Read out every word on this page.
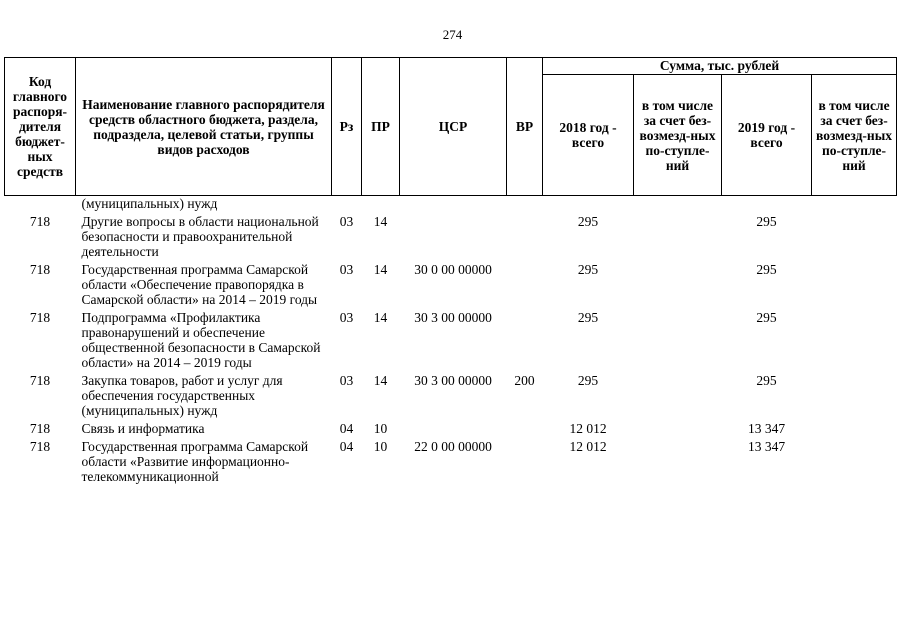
274
Код главного распоря-дителя бюджет-ных средств	Наименование главного распорядителя средств областного бюджета, раздела, подраздела, целевой статьи, группы видов расходов	Рз	ПР	ЦСР	ВР	Сумма, тыс. рублей			
						2018 год - всего	в том числе за счет без-возмезд-ных по-ступле-ний	2019 год - всего	в том числе за счет без-возмезд-ных по-ступле-ний
	(муниципальных) нужд								
718	Другие вопросы в области национальной безопасности и правоохранительной деятельности	03	14			295		295	
718	Государственная программа Самарской области «Обеспечение правопорядка в Самарской области» на 2014 – 2019 годы	03	14	30 0 00 00000		295		295	
718	Подпрограмма «Профилактика правонарушений и обеспечение общественной безопасности в Самарской области» на 2014 – 2019 годы	03	14	30 3 00 00000		295		295	
718	Закупка товаров, работ и услуг для обеспечения государственных (муниципальных) нужд	03	14	30 3 00 00000	200	295		295	
718	Связь и информатика	04	10			12 012		13 347	
718	Государственная программа Самарской области «Развитие информационно-телекоммуникационной	04	10	22 0 00 00000		12 012		13 347	
